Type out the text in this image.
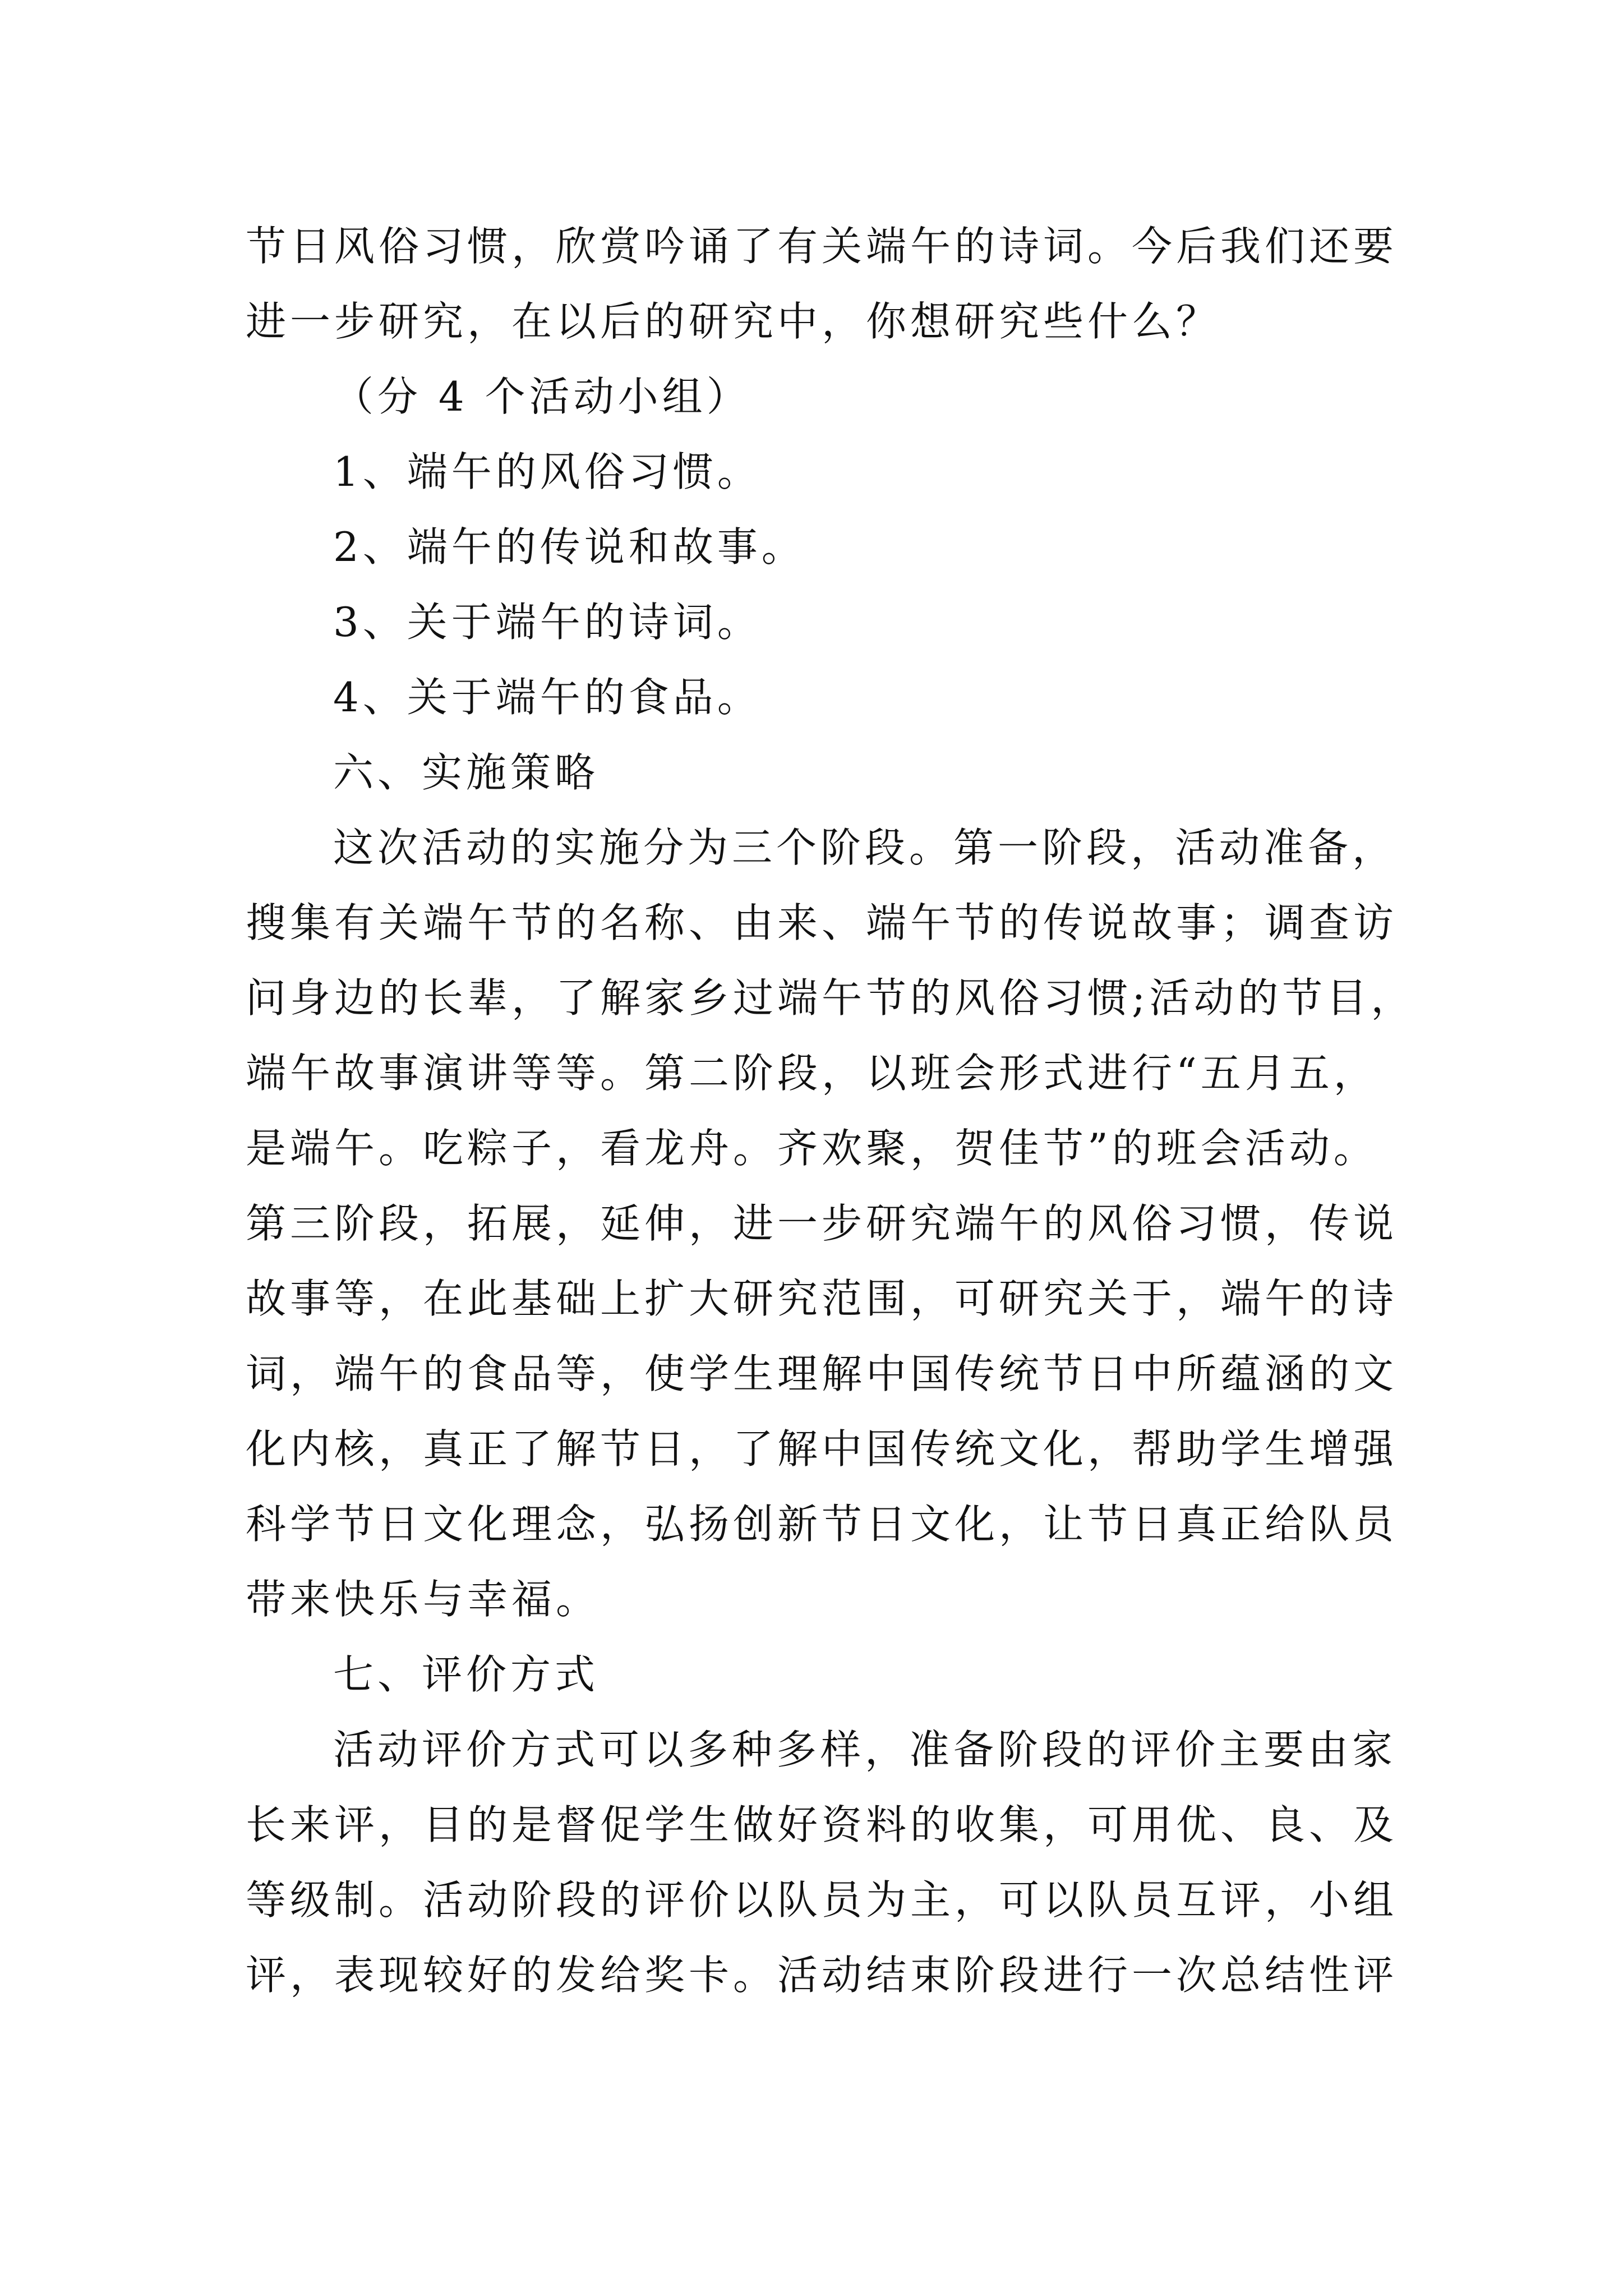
节日风俗习惯，欣赏吟诵了有关端午的诗词。今后我们还要

进一步研究，在以后的研究中，你想研究些什么？

（分 4 个活动小组）

1、端午的风俗习惯。

2、端午的传说和故事。

3、关于端午的诗词。

4、关于端午的食品。

六、实施策略

这次活动的实施分为三个阶段。第一阶段，活动准备，

搜集有关端午节的名称、由来、端午节的传说故事；调查访

问身边的长辈，了解家乡过端午节的风俗习惯;活动的节目，

端午故事演讲等等。第二阶段，以班会形式进行“五月五，

是端午。吃粽子，看龙舟。齐欢聚，贺佳节”的班会活动。

第三阶段，拓展，延伸，进一步研究端午的风俗习惯，传说

故事等，在此基础上扩大研究范围，可研究关于，端午的诗

词，端午的食品等，使学生理解中国传统节日中所蕴涵的文

化内核，真正了解节日，了解中国传统文化，帮助学生增强

科学节日文化理念，弘扬创新节日文化，让节日真正给队员

带来快乐与幸福。

七、评价方式

活动评价方式可以多种多样，准备阶段的评价主要由家

长来评，目的是督促学生做好资料的收集，可用优、良、及

等级制。活动阶段的评价以队员为主，可以队员互评，小组

评，表现较好的发给奖卡。活动结束阶段进行一次总结性评
